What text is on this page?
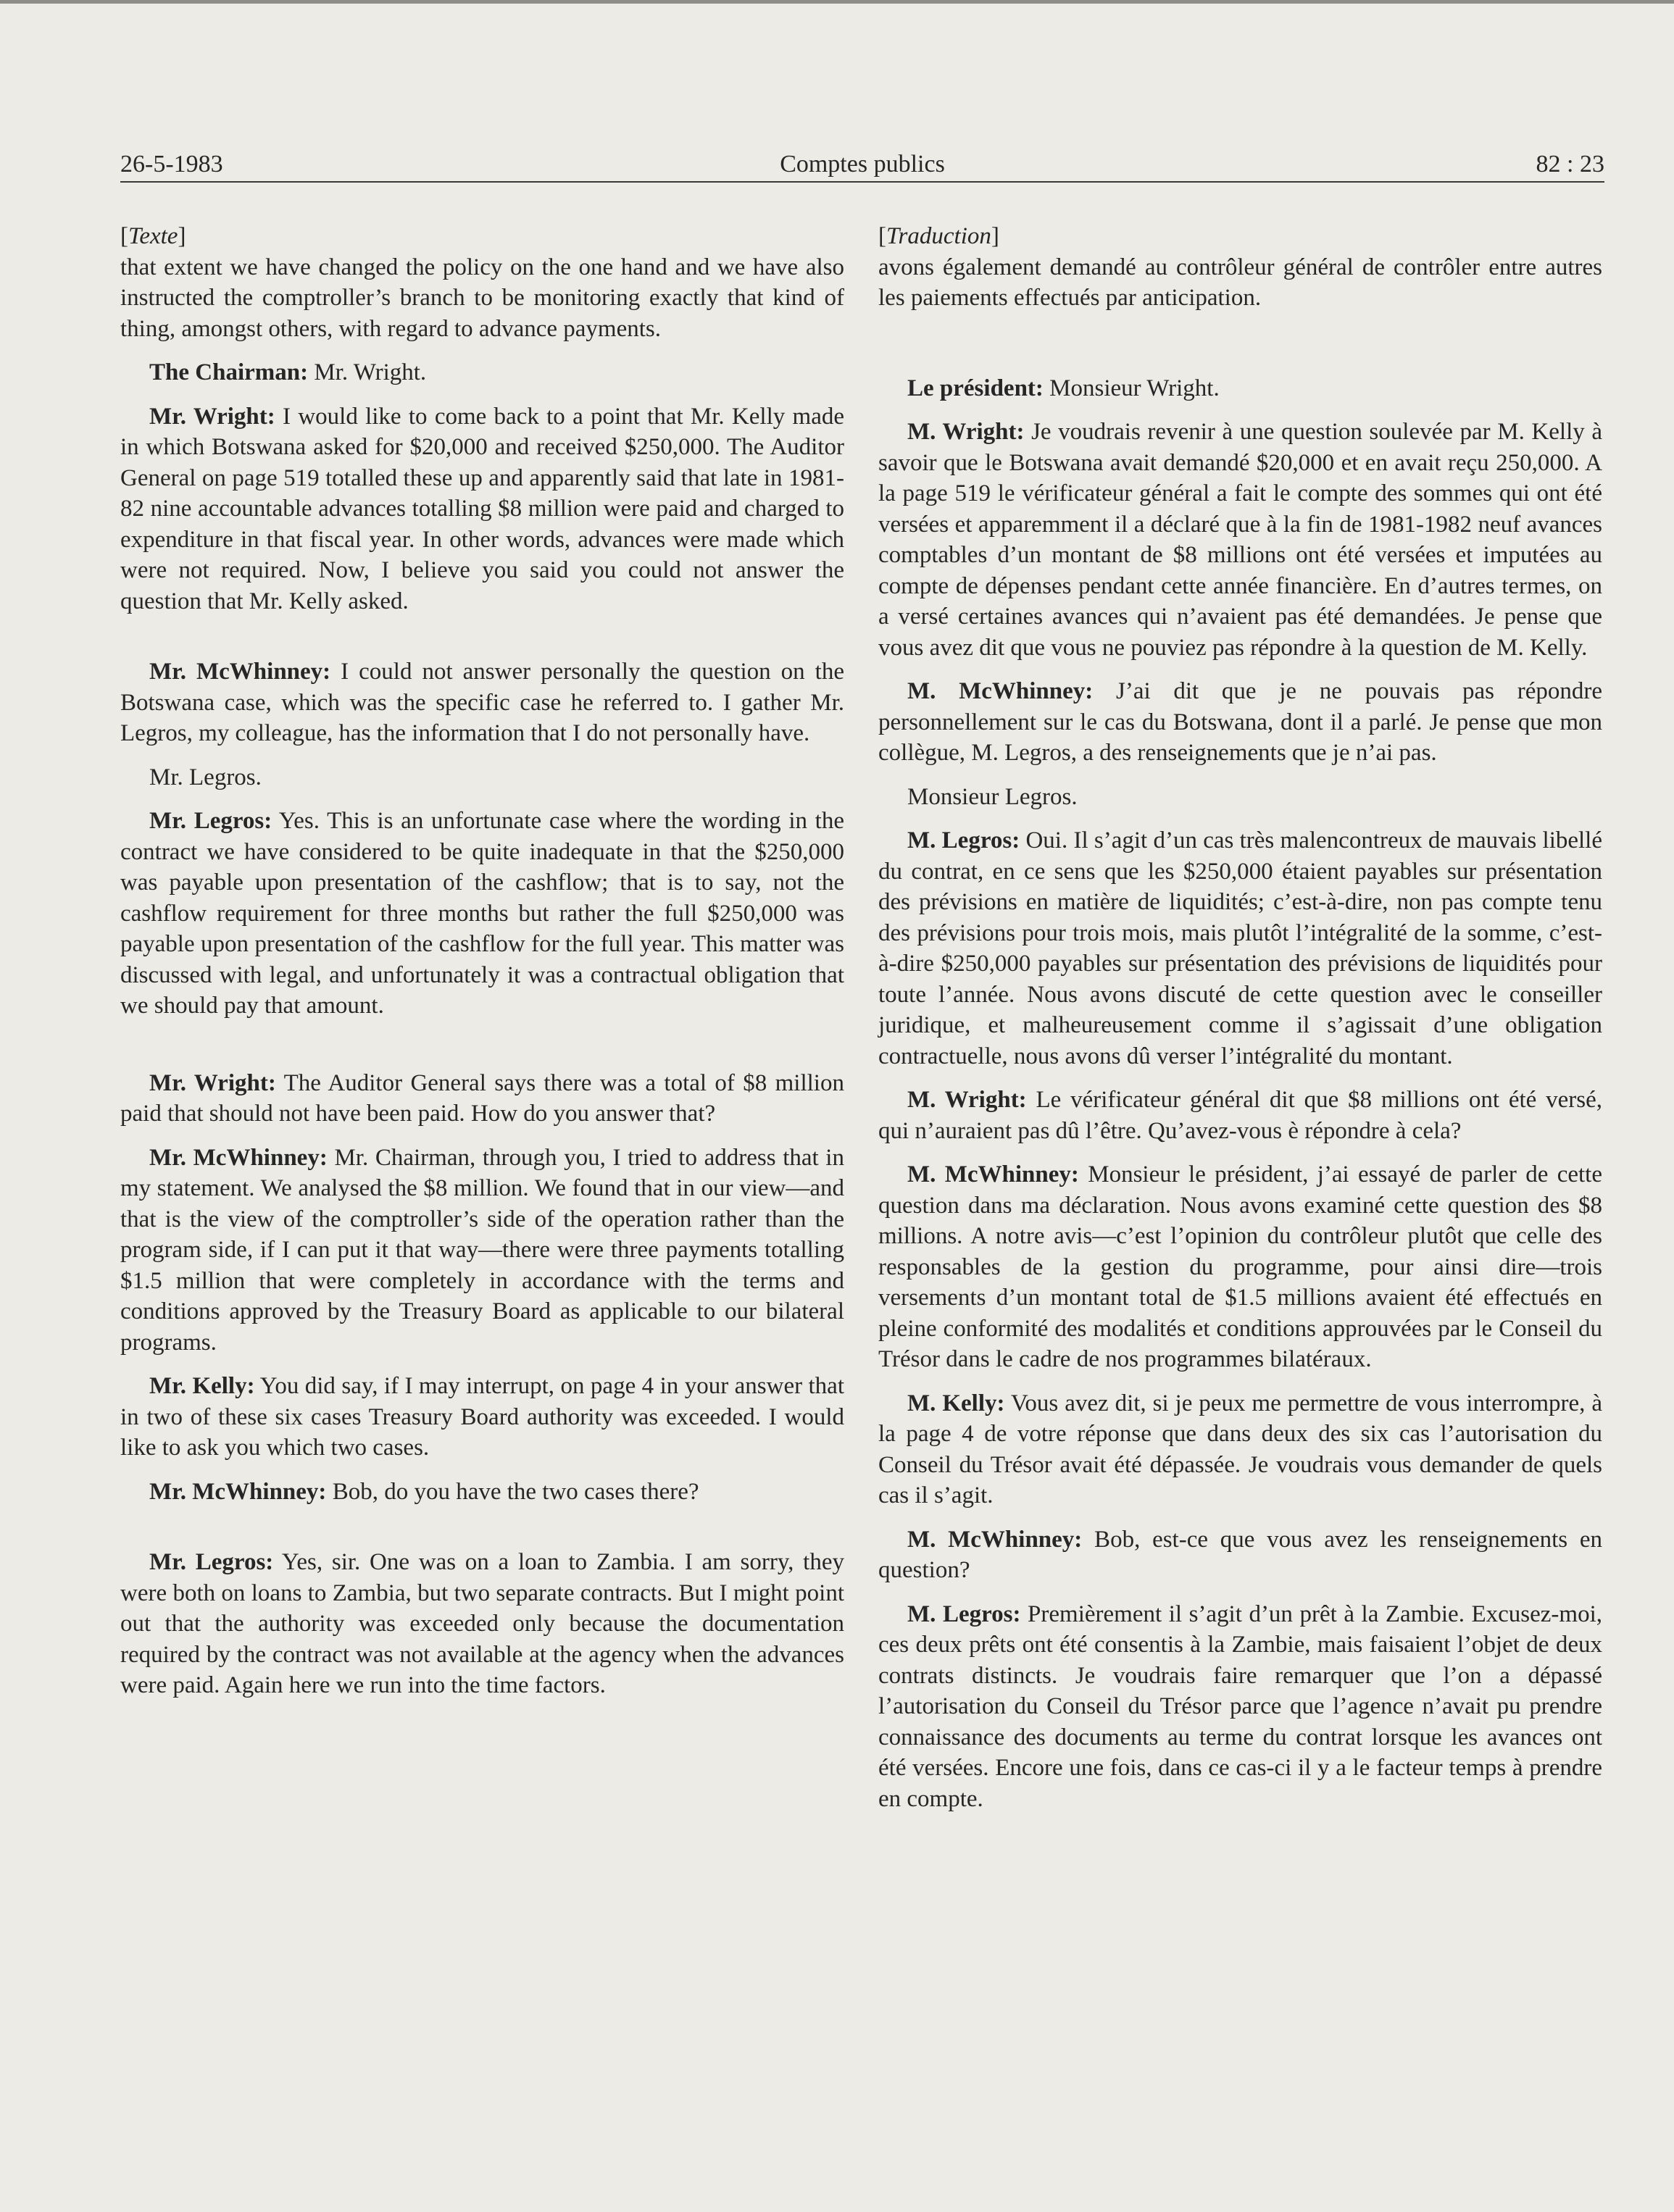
26-5-1983	Comptes publics	82 : 23

[Texte]

that extent we have changed the policy on the one hand and we have also instructed the comptroller’s branch to be monitoring exactly that kind of thing, amongst others, with regard to advance payments.

The Chairman: Mr. Wright.

Mr. Wright: I would like to come back to a point that Mr. Kelly made in which Botswana asked for $20,000 and received $250,000. The Auditor General on page 519 totalled these up and apparently said that late in 1981-82 nine accountable advances totalling $8 million were paid and charged to expenditure in that fiscal year. In other words, advances were made which were not required. Now, I believe you said you could not answer the question that Mr. Kelly asked.

Mr. McWhinney: I could not answer personally the question on the Botswana case, which was the specific case he referred to. I gather Mr. Legros, my colleague, has the information that I do not personally have.

Mr. Legros.

Mr. Legros: Yes. This is an unfortunate case where the wording in the contract we have considered to be quite inadequate in that the $250,000 was payable upon presentation of the cashflow; that is to say, not the cashflow requirement for three months but rather the full $250,000 was payable upon presentation of the cashflow for the full year. This matter was discussed with legal, and unfortunately it was a contractual obligation that we should pay that amount.

Mr. Wright: The Auditor General says there was a total of $8 million paid that should not have been paid. How do you answer that?

Mr. McWhinney: Mr. Chairman, through you, I tried to address that in my statement. We analysed the $8 million. We found that in our view—and that is the view of the comptroller’s side of the operation rather than the program side, if I can put it that way—there were three payments totalling $1.5 million that were completely in accordance with the terms and conditions approved by the Treasury Board as applicable to our bilateral programs.

Mr. Kelly: You did say, if I may interrupt, on page 4 in your answer that in two of these six cases Treasury Board authority was exceeded. I would like to ask you which two cases.

Mr. McWhinney: Bob, do you have the two cases there?

Mr. Legros: Yes, sir. One was on a loan to Zambia. I am sorry, they were both on loans to Zambia, but two separate contracts. But I might point out that the authority was exceeded only because the documentation required by the contract was not available at the agency when the advances were paid. Again here we run into the time factors.

[Traduction]

avons également demandé au contrôleur général de contrôler entre autres les paiements effectués par anticipation.

Le président: Monsieur Wright.

M. Wright: Je voudrais revenir à une question soulevée par M. Kelly à savoir que le Botswana avait demandé $20,000 et en avait reçu 250,000. A la page 519 le vérificateur général a fait le compte des sommes qui ont été versées et apparemment il a déclaré que à la fin de 1981-1982 neuf avances comptables d’un montant de $8 millions ont été versées et imputées au compte de dépenses pendant cette année financière. En d’autres termes, on a versé certaines avances qui n’avaient pas été demandées. Je pense que vous avez dit que vous ne pouviez pas répondre à la question de M. Kelly.

M. McWhinney: J’ai dit que je ne pouvais pas répondre personnellement sur le cas du Botswana, dont il a parlé. Je pense que mon collègue, M. Legros, a des renseignements que je n’ai pas.

Monsieur Legros.

M. Legros: Oui. Il s’agit d’un cas très malencontreux de mauvais libellé du contrat, en ce sens que les $250,000 étaient payables sur présentation des prévisions en matière de liquidités; c’est-à-dire, non pas compte tenu des prévisions pour trois mois, mais plutôt l’intégralité de la somme, c’est-à-dire $250,000 payables sur présentation des prévisions de liquidités pour toute l’année. Nous avons discuté de cette question avec le conseiller juridique, et malheureusement comme il s’agissait d’une obligation contractuelle, nous avons dû verser l’intégralité du montant.

M. Wright: Le vérificateur général dit que $8 millions ont été versé, qui n’auraient pas dû l’être. Qu’avez-vous è répondre à cela?

M. McWhinney: Monsieur le président, j’ai essayé de parler de cette question dans ma déclaration. Nous avons examiné cette question des $8 millions. A notre avis—c’est l’opinion du contrôleur plutôt que celle des responsables de la gestion du programme, pour ainsi dire—trois versements d’un montant total de $1.5 millions avaient été effectués en pleine conformité des modalités et conditions approuvées par le Conseil du Trésor dans le cadre de nos programmes bilatéraux.

M. Kelly: Vous avez dit, si je peux me permettre de vous interrompre, à la page 4 de votre réponse que dans deux des six cas l’autorisation du Conseil du Trésor avait été dépassée. Je voudrais vous demander de quels cas il s’agit.

M. McWhinney: Bob, est-ce que vous avez les renseignements en question?

M. Legros: Premièrement il s’agit d’un prêt à la Zambie. Excusez-moi, ces deux prêts ont été consentis à la Zambie, mais faisaient l’objet de deux contrats distincts. Je voudrais faire remarquer que l’on a dépassé l’autorisation du Conseil du Trésor parce que l’agence n’avait pu prendre connaissance des documents au terme du contrat lorsque les avances ont été versées. Encore une fois, dans ce cas-ci il y a le facteur temps à prendre en compte.
